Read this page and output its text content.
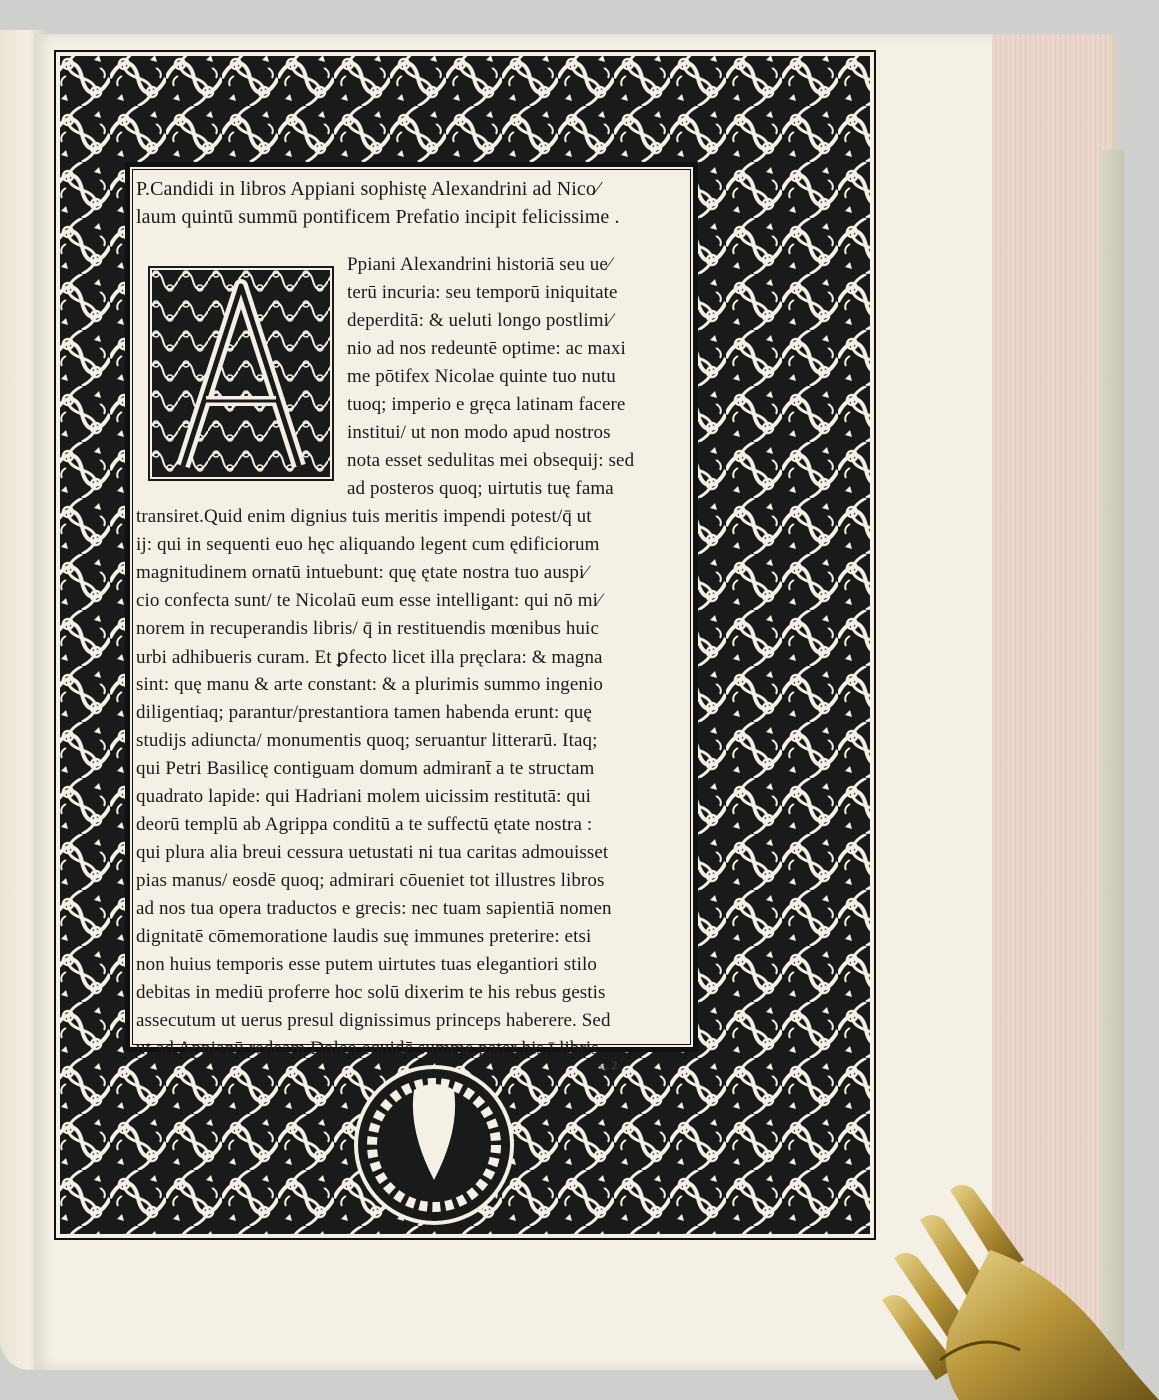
P.Candidi in libros Appiani sophistę Alexandrini ad Nico⁄

laum quintū summū pontificem Prefatio incipit felicissime .

Ppiani Alexandrini historiā seu ue⁄

terū incuria: seu temporū iniquitate

deperditā: & ueluti longo postlimi⁄

nio ad nos redeuntē optime: ac maxi

me pōtifex Nicolae quinte tuo nutu

tuoq; imperio e gręca latinam facere

institui/ ut non modo apud nostros

nota esset sedulitas mei obsequij: sed

ad posteros quoq; uirtutis tuę fama

transiret.Quid enim dignius tuis meritis impendi potest/q̄ ut

ij: qui in sequenti euo hęc aliquando legent cum ędificiorum

magnitudinem ornatū intuebunt: quę ętate nostra tuo auspi⁄

cio confecta sunt/ te Nicolaū eum esse intelligant: qui nō mi⁄

norem in recuperandis libris/ q̄ in restituendis mœnibus huic

urbi adhibueris curam. Et ꝑfecto licet illa pręclara: & magna

sint: quę manu & arte constant: & a plurimis summo ingenio

diligentiaq; parantur/prestantiora tamen habenda erunt: quę

studijs adiuncta/ monumentis quoq; seruantur litterarū. Itaq;

qui Petri Basilicę contiguam domum admirant̄ a te structam

quadrato lapide: qui Hadriani molem uicissim restitutā: qui

deorū templū ab Agrippa conditū a te suffectū ętate nostra :

qui plura alia breui cessura uetustati ni tua caritas admouisset

pias manus/ eosdē quoq; admirari cōueniet tot illustres libros

ad nos tua opera traductos e grecis: nec tuam sapientiā nomen

dignitatē cōmemoratione laudis suę immunes preterire: etsi

non huius temporis esse putem uirtutes tuas elegantiori stilo

debitas in mediū proferre hoc solū dixerim te his rebus gestis

assecutum ut uerus presul dignissimus princeps haberere. Sed

ut ad Appianū redeam Doleo equidē summe pater his ī libris

a. 2
